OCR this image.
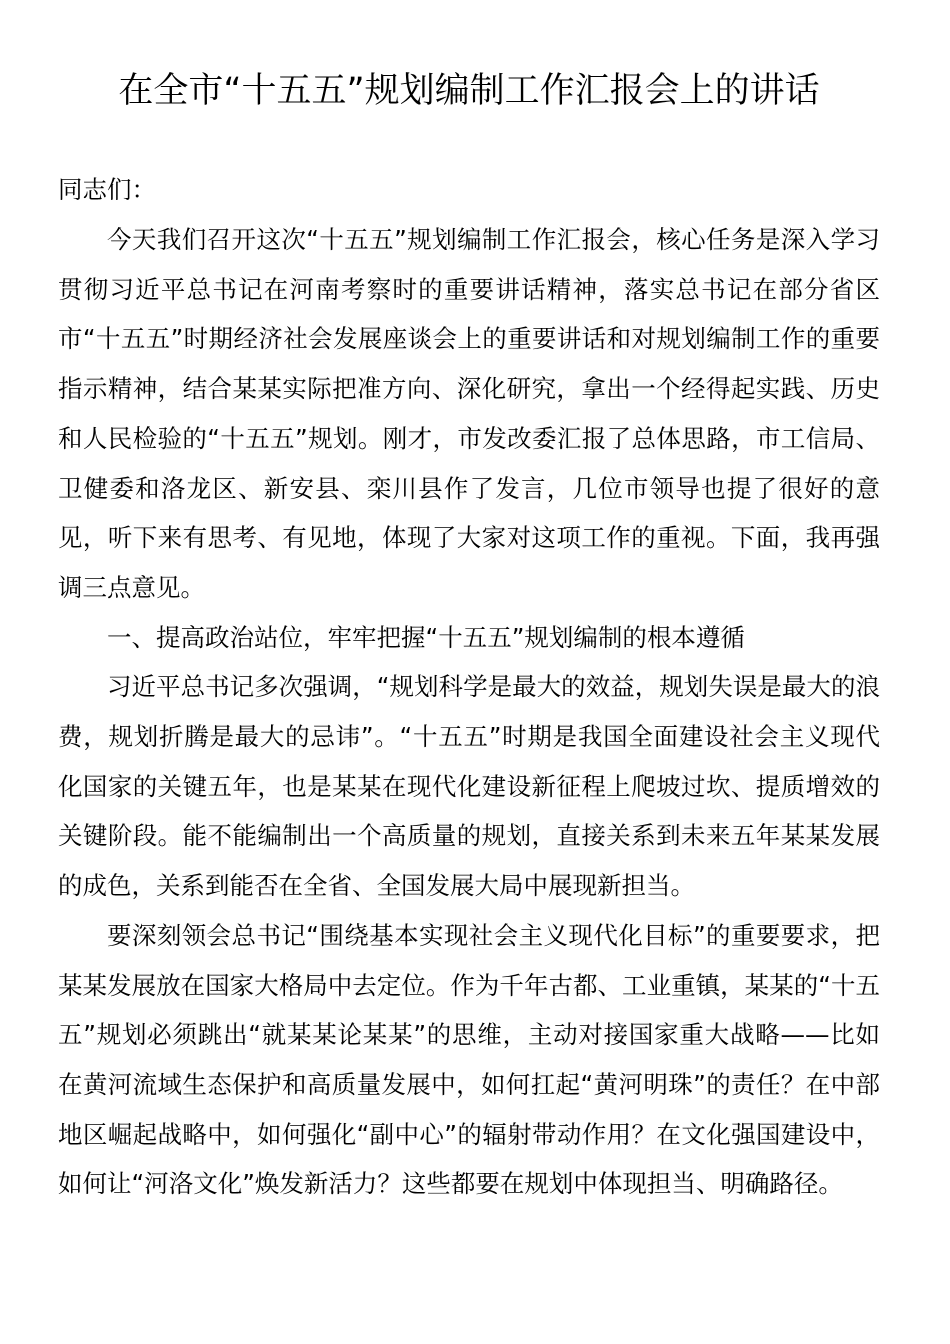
在全市“十五五”规划编制工作汇报会上的讲话

同志们：

今天我们召开这次“十五五”规划编制工作汇报会，核心任务是深入学习贯彻习近平总书记在河南考察时的重要讲话精神，落实总书记在部分省区市“十五五”时期经济社会发展座谈会上的重要讲话和对规划编制工作的重要指示精神，结合某某实际把准方向、深化研究，拿出一个经得起实践、历史和人民检验的“十五五”规划。刚才，市发改委汇报了总体思路，市工信局、卫健委和洛龙区、新安县、栾川县作了发言，几位市领导也提了很好的意见，听下来有思考、有见地，体现了大家对这项工作的重视。下面，我再强调三点意见。

一、提高政治站位，牢牢把握“十五五”规划编制的根本遵循

习近平总书记多次强调，“规划科学是最大的效益，规划失误是最大的浪费，规划折腾是最大的忌讳”。“十五五”时期是我国全面建设社会主义现代化国家的关键五年，也是某某在现代化建设新征程上爬坡过坎、提质增效的关键阶段。能不能编制出一个高质量的规划，直接关系到未来五年某某发展的成色，关系到能否在全省、全国发展大局中展现新担当。

要深刻领会总书记“围绕基本实现社会主义现代化目标”的重要要求，把某某发展放在国家大格局中去定位。作为千年古都、工业重镇，某某的“十五五”规划必须跳出“就某某论某某”的思维，主动对接国家重大战略——比如在黄河流域生态保护和高质量发展中，如何扛起“黄河明珠”的责任？在中部地区崛起战略中，如何强化“副中心”的辐射带动作用？在文化强国建设中，如何让“河洛文化”焕发新活力？这些都要在规划中体现担当、明确路径。
